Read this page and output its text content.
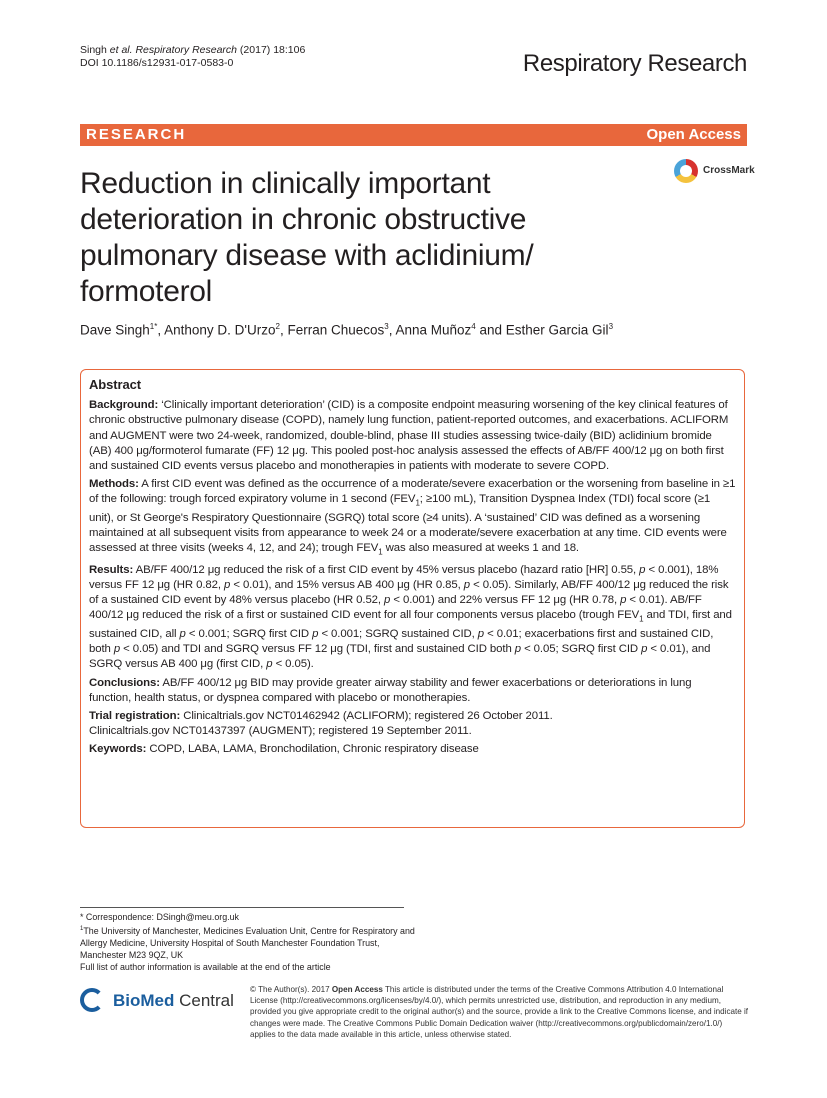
Singh et al. Respiratory Research (2017) 18:106
DOI 10.1186/s12931-017-0583-0	Respiratory Research
RESEARCH	Open Access
CrossMark
Reduction in clinically important deterioration in chronic obstructive pulmonary disease with aclidinium/ formoterol
Dave Singh$^{1*}$, Anthony D. D'Urzo$^2$, Ferran Chuecos$^3$, Anna Muñoz$^4$ and Esther Garcia Gil$^3$
Abstract

Background: ‘Clinically important deterioration’ (CID) is a composite endpoint measuring worsening of the key clinical features of chronic obstructive pulmonary disease (COPD), namely lung function, patient-reported outcomes, and exacerbations. ACLIFORM and AUGMENT were two 24-week, randomized, double-blind, phase III studies assessing twice-daily (BID) aclidinium bromide (AB) 400 μg/formoterol fumarate (FF) 12 μg. This pooled post-hoc analysis assessed the effects of AB/FF 400/12 μg on both first and sustained CID events versus placebo and monotherapies in patients with moderate to severe COPD.

Methods: A first CID event was defined as the occurrence of a moderate/severe exacerbation or the worsening from baseline in ≥1 of the following: trough forced expiratory volume in 1 second ($FEV_1$; ≥100 mL), Transition Dyspnea Index (TDI) focal score (≥1 unit), or St George's Respiratory Questionnaire (SGRQ) total score (≥4 units). A ‘sustained’ CID was defined as a worsening maintained at all subsequent visits from appearance to week 24 or a moderate/severe exacerbation at any time. CID events were assessed at three visits (weeks 4, 12, and 24); trough $FEV_1$ was also measured at weeks 1 and 18.

Results: AB/FF 400/12 μg reduced the risk of a first CID event by 45% versus placebo (hazard ratio [HR] 0.55, p < 0.001), 18% versus FF 12 μg (HR 0.82, p < 0.01), and 15% versus AB 400 μg (HR 0.85, p < 0.05). Similarly, AB/FF 400/12 μg reduced the risk of a sustained CID event by 48% versus placebo (HR 0.52, p < 0.001) and 22% versus FF 12 μg (HR 0.78, p < 0.01). AB/FF 400/12 μg reduced the risk of a first or sustained CID event for all four components versus placebo (trough $FEV_1$ and TDI, first and sustained CID, all p < 0.001; SGRQ first CID p < 0.001; SGRQ sustained CID, p < 0.01; exacerbations first and sustained CID, both p < 0.05) and TDI and SGRQ versus FF 12 μg (TDI, first and sustained CID both p < 0.05; SGRQ first CID p < 0.01), and SGRQ versus AB 400 μg (first CID, p < 0.05).

Conclusions: AB/FF 400/12 μg BID may provide greater airway stability and fewer exacerbations or deteriorations in lung function, health status, or dyspnea compared with placebo or monotherapies.

Trial registration: Clinicaltrials.gov NCT01462942 (ACLIFORM); registered 26 October 2011.
Clinicaltrials.gov NCT01437397 (AUGMENT); registered 19 September 2011.

Keywords: COPD, LABA, LAMA, Bronchodilation, Chronic respiratory disease

* Correspondence: DSingh@meu.org.uk
$^1$The University of Manchester, Medicines Evaluation Unit, Centre for Respiratory and Allergy Medicine, University Hospital of South Manchester Foundation Trust, Manchester M23 9QZ, UK
Full list of author information is available at the end of the article
BioMed Central
© The Author(s). 2017 Open Access This article is distributed under the terms of the Creative Commons Attribution 4.0 International License (http://creativecommons.org/licenses/by/4.0/), which permits unrestricted use, distribution, and reproduction in any medium, provided you give appropriate credit to the original author(s) and the source, provide a link to the Creative Commons license, and indicate if changes were made. The Creative Commons Public Domain Dedication waiver (http://creativecommons.org/publicdomain/zero/1.0/) applies to the data made available in this article, unless otherwise stated.
